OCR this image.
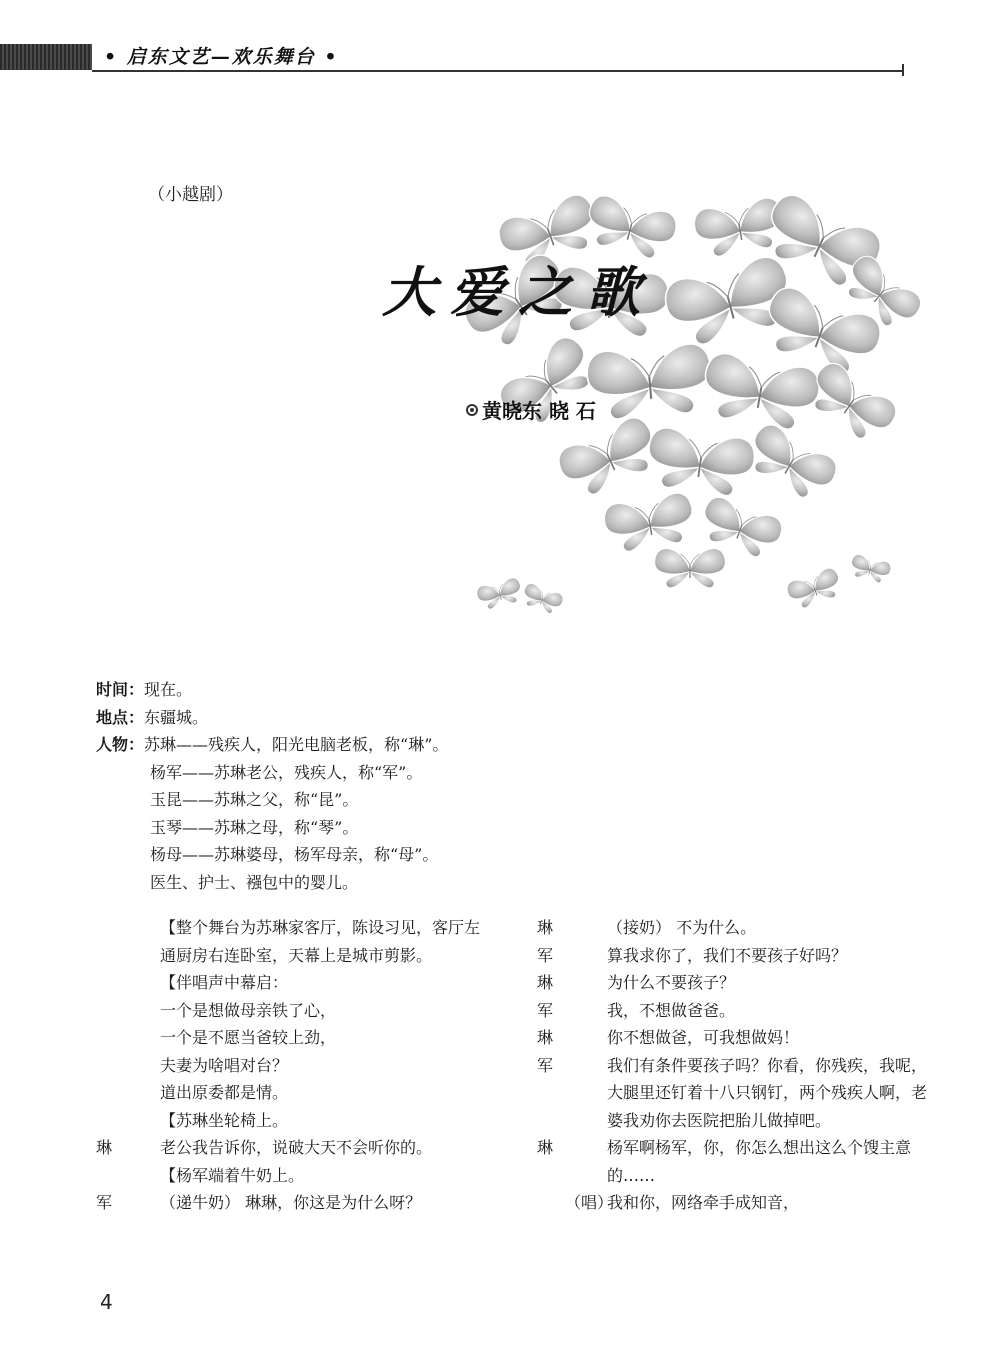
• 启东文艺—欢乐舞台 •
（小越剧）
大爱之歌
黄晓东 晓 石
时间：现在。
地点：东疆城。
人物：苏琳——残疾人，阳光电脑老板，称“琳”。
杨军——苏琳老公，残疾人，称“军”。
玉昆——苏琳之父，称“昆”。
玉琴——苏琳之母，称“琴”。
杨母——苏琳婆母，杨军母亲，称“母”。
医生、护士、襁包中的婴儿。
【整个舞台为苏琳家客厅，陈设习见，客厅左通厨房右连卧室，天幕上是城市剪影。
【伴唱声中幕启：
一个是想做母亲铁了心，
一个是不愿当爸较上劲，
夫妻为啥唱对台？
道出原委都是情。
【苏琳坐轮椅上。
琳	老公我告诉你，说破大天不会听你的。
【杨军端着牛奶上。
军	（递牛奶） 琳琳，你这是为什么呀？
琳	（接奶） 不为什么。
军	算我求你了，我们不要孩子好吗？
琳	为什么不要孩子？
军	我，不想做爸爸。
琳	你不想做爸，可我想做妈！
军	我们有条件要孩子吗？你看，你残疾，我呢，大腿里还钉着十八只钢钉，两个残疾人啊，老婆我劝你去医院把胎儿做掉吧。
琳	杨军啊杨军，你，你怎么想出这么个馊主意的……
（唱）
我和你，网络牵手成知音，
4
